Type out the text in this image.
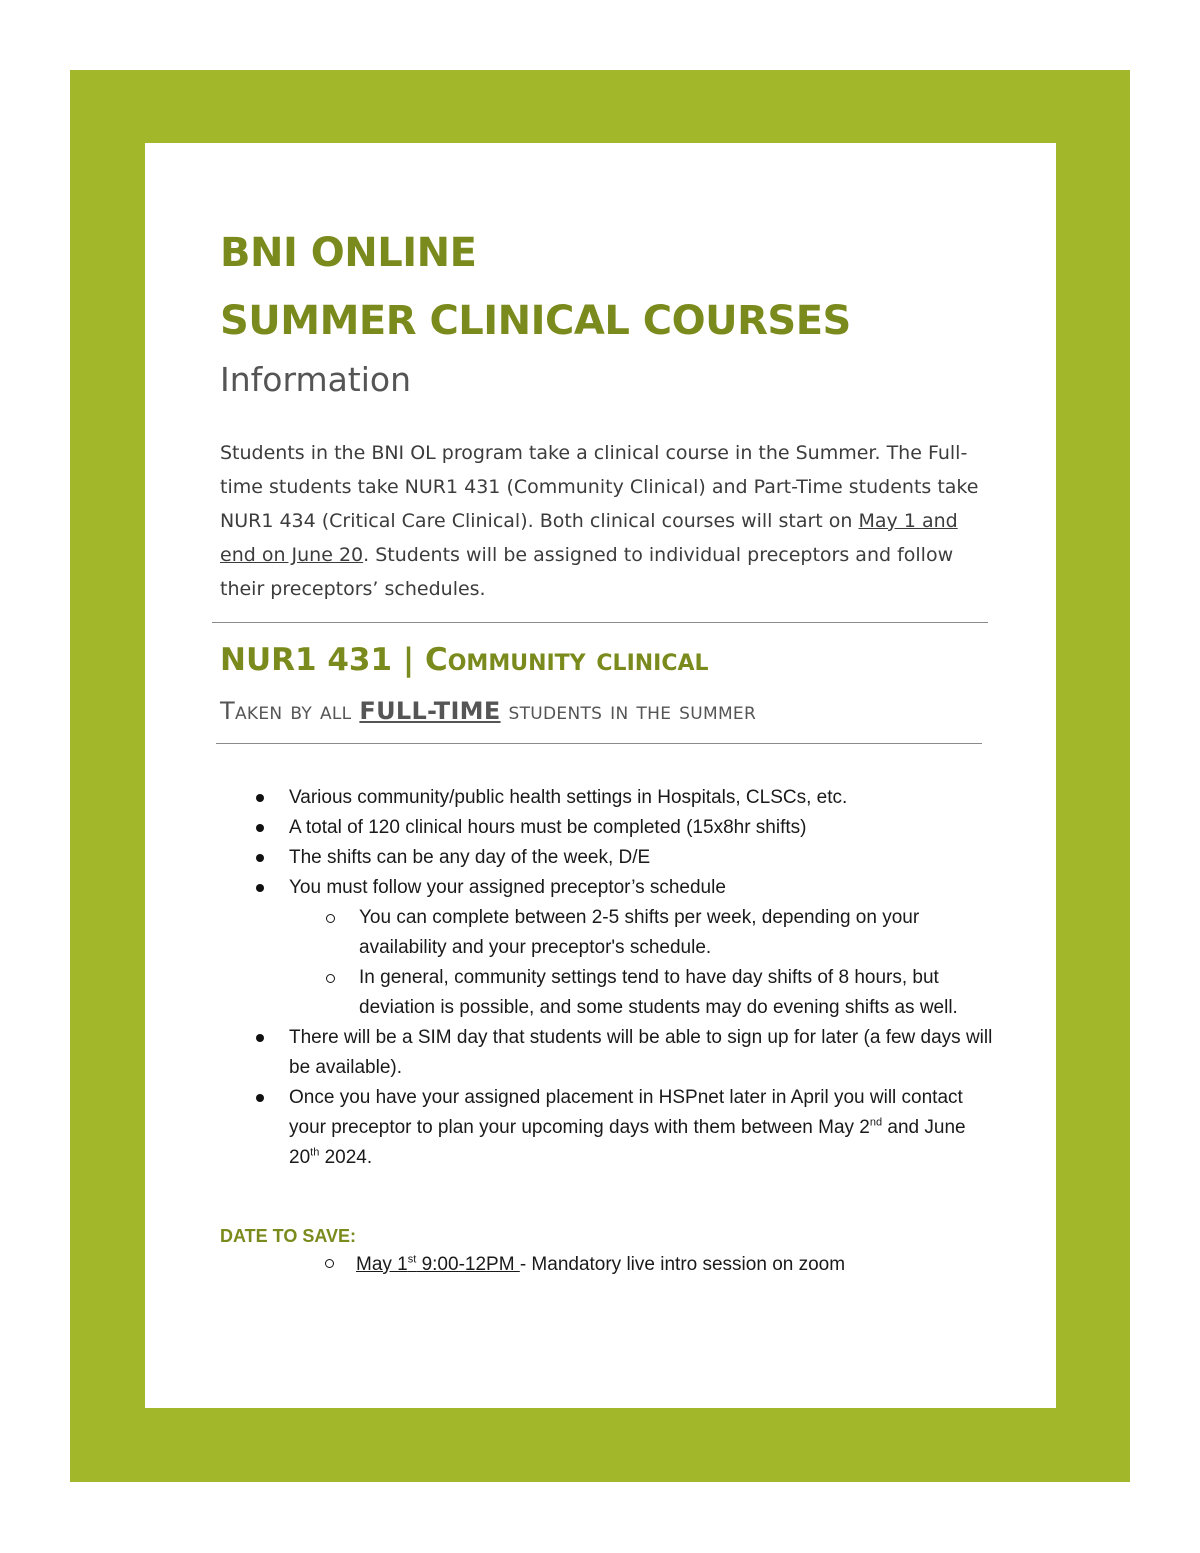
BNI ONLINE
SUMMER CLINICAL COURSES

Information

Students in the BNI OL program take a clinical course in the Summer. The Full-time students take NUR1 431 (Community Clinical) and Part-Time students take NUR1 434 (Critical Care Clinical). Both clinical courses will start on May 1 and end on June 20. Students will be assigned to individual preceptors and follow their preceptors’ schedules.

NUR1 431 | Community clinical

Taken by all FULL-TIME students in the summer

Various community/public health settings in Hospitals, CLSCs, etc.
A total of 120 clinical hours must be completed (15x8hr shifts)
The shifts can be any day of the week, D/E
You must follow your assigned preceptor’s schedule
You can complete between 2-5 shifts per week, depending on your availability and your preceptor's schedule.
In general, community settings tend to have day shifts of 8 hours, but deviation is possible, and some students may do evening shifts as well.
There will be a SIM day that students will be able to sign up for later (a few days will be available).
Once you have your assigned placement in HSPnet later in April you will contact your preceptor to plan your upcoming days with them between May 2nd and June 20th 2024.

DATE TO SAVE:

May 1st 9:00-12PM - Mandatory live intro session on zoom
